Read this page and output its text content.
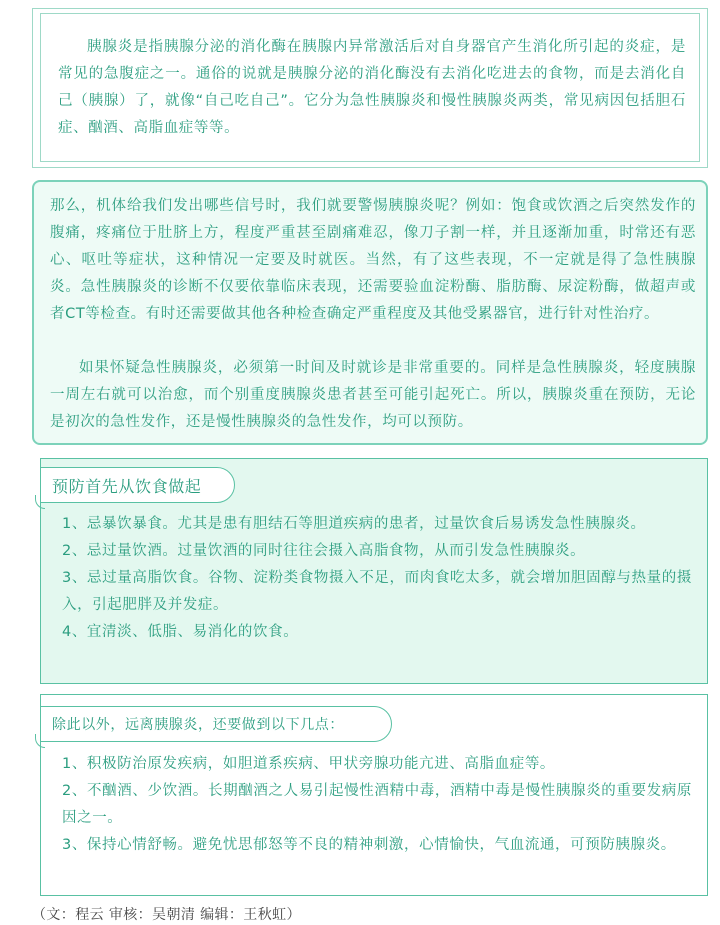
胰腺炎是指胰腺分泌的消化酶在胰腺内异常激活后对自身器官产生消化所引起的炎症，是常见的急腹症之一。通俗的说就是胰腺分泌的消化酶没有去消化吃进去的食物，而是去消化自己（胰腺）了，就像“自己吃自己”。它分为急性胰腺炎和慢性胰腺炎两类，常见病因包括胆石症、酗酒、高脂血症等等。

那么，机体给我们发出哪些信号时，我们就要警惕胰腺炎呢？例如：饱食或饮酒之后突然发作的腹痛，疼痛位于肚脐上方，程度严重甚至剧痛难忍，像刀子割一样，并且逐渐加重，时常还有恶心、呕吐等症状，这种情况一定要及时就医。当然，有了这些表现，不一定就是得了急性胰腺炎。急性胰腺炎的诊断不仅要依靠临床表现，还需要验血淀粉酶、脂肪酶、尿淀粉酶，做超声或者CT等检查。有时还需要做其他各种检查确定严重程度及其他受累器官，进行针对性治疗。

如果怀疑急性胰腺炎，必须第一时间及时就诊是非常重要的。同样是急性胰腺炎，轻度胰腺一周左右就可以治愈，而个别重度胰腺炎患者甚至可能引起死亡。所以，胰腺炎重在预防，无论是初次的急性发作，还是慢性胰腺炎的急性发作，均可以预防。

预防首先从饮食做起
1、忌暴饮暴食。尤其是患有胆结石等胆道疾病的患者，过量饮食后易诱发急性胰腺炎。
2、忌过量饮酒。过量饮酒的同时往往会摄入高脂食物，从而引发急性胰腺炎。
3、忌过量高脂饮食。谷物、淀粉类食物摄入不足，而肉食吃太多，就会增加胆固醇与热量的摄入，引起肥胖及并发症。
4、宜清淡、低脂、易消化的饮食。
除此以外，远离胰腺炎，还要做到以下几点：
1、积极防治原发疾病，如胆道系疾病、甲状旁腺功能亢进、高脂血症等。
2、不酗酒、少饮酒。长期酗酒之人易引起慢性酒精中毒，酒精中毒是慢性胰腺炎的重要发病原因之一。
3、保持心情舒畅。避免忧思郁怒等不良的精神刺激，心情愉快，气血流通，可预防胰腺炎。
（文：程云 审核：吴朝清 编辑：王秋虹）
